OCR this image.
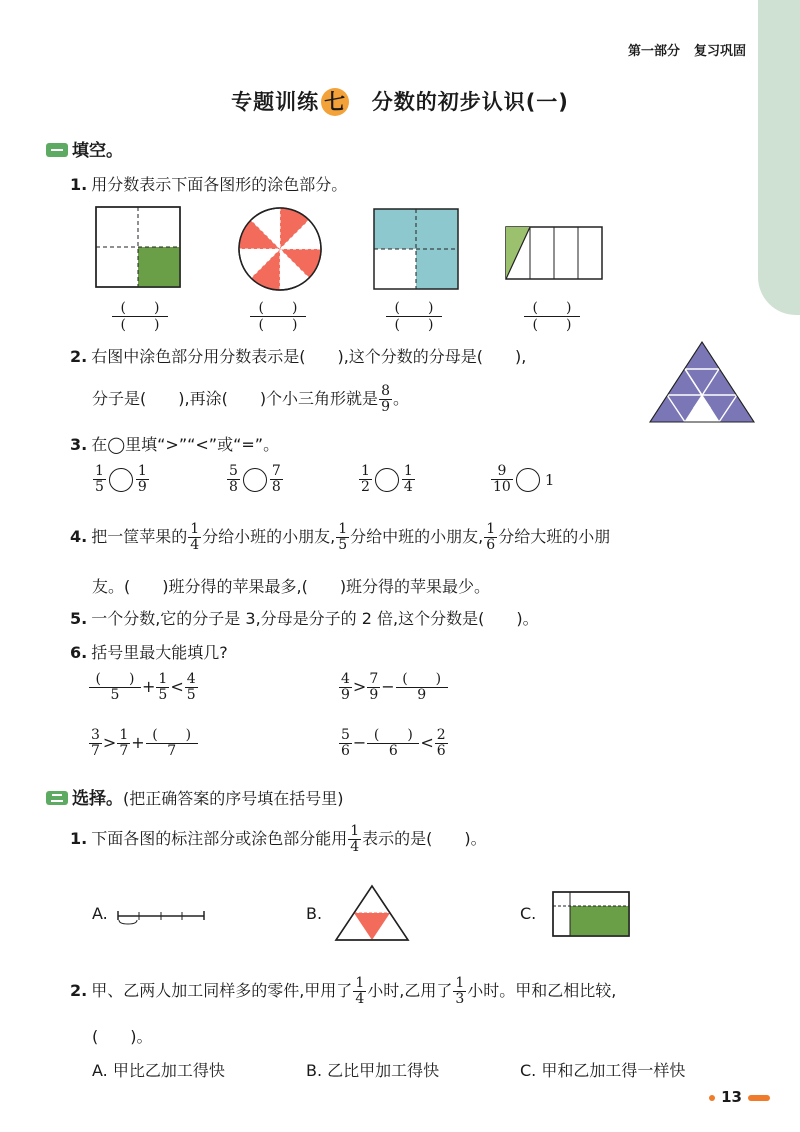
第一部分 复习巩固
专题训练 七 分数的初步认识(一)
填空。
1. 用分数表示下面各图形的涂色部分。
(　　)
(　　)
(　　)
(　　)
(　　)
(　　)
(　　)
(　　)
2. 右图中涂色部分用分数表示是(　　),这个分数的分母是(　　),
分子是(　　),再涂(　　)个小三角形就是 $\frac{8}{9}$ 。
3. 在◯里填“>”“<”或“=”。
$\frac{1}{5} \frac{1}{9}$	$\frac{5}{8} \frac{7}{8}$	$\frac{1}{2} \frac{1}{4}$	$\frac{9}{10} 1$
4. 把一筐苹果的 $\frac{1}{4}$ 分给小班的小朋友, $\frac{1}{5}$ 分给中班的小朋友, $\frac{1}{6}$ 分给大班的小朋
友。(　　)班分得的苹果最多,(　　)班分得的苹果最少。
5. 一个分数,它的分子是 3,分母是分子的 2 倍,这个分数是(　　)。
6. 括号里最大能填几?
$\frac{( )}{5} + \frac{1}{5} < \frac{4}{5}$	$\frac{4}{9} > \frac{7}{9} - \frac{( )}{9}$
$\frac{3}{7} > \frac{1}{7} + \frac{( )}{7}$	$\frac{5}{6} - \frac{( )}{6} < \frac{2}{6}$
选择。(把正确答案的序号填在括号里)
1. 下面各图的标注部分或涂色部分能用 $\frac{1}{4}$ 表示的是(　　)。
A.	B.	C.
2. 甲、乙两人加工同样多的零件,甲用了 $\frac{1}{4}$ 小时,乙用了 $\frac{1}{3}$ 小时。甲和乙相比较,
(　　)。
A. 甲比乙加工得快	B. 乙比甲加工得快	C. 甲和乙加工得一样快
13
